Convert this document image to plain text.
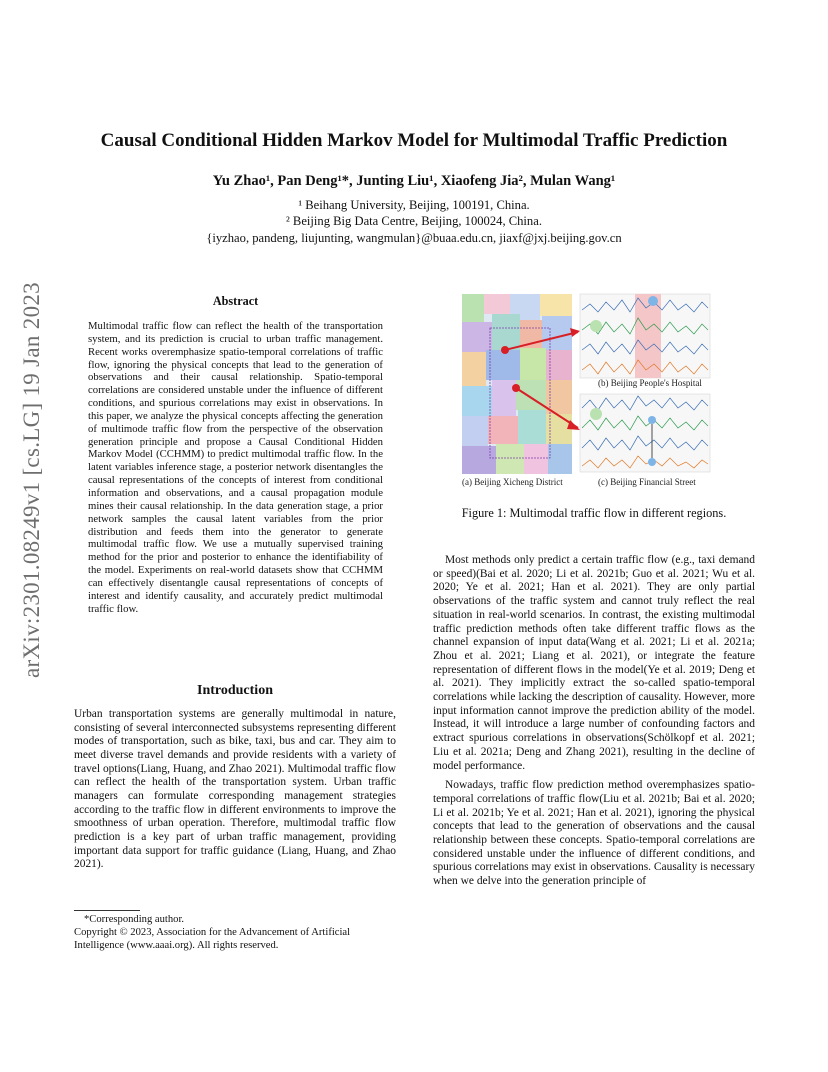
Causal Conditional Hidden Markov Model for Multimodal Traffic Prediction
Yu Zhao¹, Pan Deng¹*, Junting Liu¹, Xiaofeng Jia², Mulan Wang¹
¹ Beihang University, Beijing, 100191, China.
² Beijing Big Data Centre, Beijing, 100024, China.
{iyzhao, pandeng, liujunting, wangmulan}@buaa.edu.cn, jiaxf@jxj.beijing.gov.cn
arXiv:2301.08249v1 [cs.LG] 19 Jan 2023	Abstract
Multimodal traffic flow can reflect the health of the transportation system, and its prediction is crucial to urban traffic management. Recent works overemphasize spatio-temporal correlations of traffic flow, ignoring the physical concepts that lead to the generation of observations and their causal relationship. Spatio-temporal correlations are considered unstable under the influence of different conditions, and spurious correlations may exist in observations. In this paper, we analyze the physical concepts affecting the generation of multimode traffic flow from the perspective of the observation generation principle and propose a Causal Conditional Hidden Markov Model (CCHMM) to predict multimodal traffic flow. In the latent variables inference stage, a posterior network disentangles the causal representations of the concepts of interest from conditional information and observations, and a causal propagation module mines their causal relationship. In the data generation stage, a prior network samples the causal latent variables from the prior distribution and feeds them into the generator to generate multimodal traffic flow. We use a mutually supervised training method for the prior and posterior to enhance the identifiability of the model. Experiments on real-world datasets show that CCHMM can effectively disentangle causal representations of concepts of interest and identify causality, and accurately predict multimodal traffic flow.
Introduction
Urban transportation systems are generally multimodal in nature, consisting of several interconnected subsystems representing different modes of transportation, such as bike, taxi, bus and car. They aim to meet diverse travel demands and provide residents with a variety of travel options(Liang, Huang, and Zhao 2021). Multimodal traffic flow can reflect the health of the transportation system. Urban traffic managers can formulate corresponding management strategies according to the traffic flow in different environments to improve the smoothness of urban operation. Therefore, multimodal traffic flow prediction is a key part of urban traffic management, providing important data support for traffic guidance (Liang, Huang, and Zhao 2021).
*Corresponding author.
Copyright © 2023, Association for the Advancement of Artificial Intelligence (www.aaai.org). All rights reserved.
(a) Beijing Xicheng District
(b) Beijing People's Hospital
(c) Beijing Financial Street
Figure 1: Multimodal traffic flow in different regions.

Most methods only predict a certain traffic flow (e.g., taxi demand or speed)(Bai et al. 2020; Li et al. 2021b; Guo et al. 2021; Wu et al. 2020; Ye et al. 2021; Han et al. 2021). They are only partial observations of the traffic system and cannot truly reflect the real situation in real-world scenarios. In contrast, the existing multimodal traffic prediction methods often take different traffic flows as the channel expansion of input data(Wang et al. 2021; Li et al. 2021a; Zhou et al. 2021; Liang et al. 2021), or integrate the feature representation of different flows in the model(Ye et al. 2019; Deng et al. 2021). They implicitly extract the so-called spatio-temporal correlations while lacking the description of causality. However, more input information cannot improve the prediction ability of the model. Instead, it will introduce a large number of confounding factors and extract spurious correlations in observations(Schölkopf et al. 2021; Liu et al. 2021a; Deng and Zhang 2021), resulting in the decline of model performance.

Nowadays, traffic flow prediction method overemphasizes spatio-temporal correlations of traffic flow(Liu et al. 2021b; Bai et al. 2020; Li et al. 2021b; Ye et al. 2021; Han et al. 2021), ignoring the physical concepts that lead to the generation of observations and the causal relationship between these concepts. Spatio-temporal correlations are considered unstable under the influence of different conditions, and spurious correlations may exist in observations. Causality is necessary when we delve into the generation principle of
